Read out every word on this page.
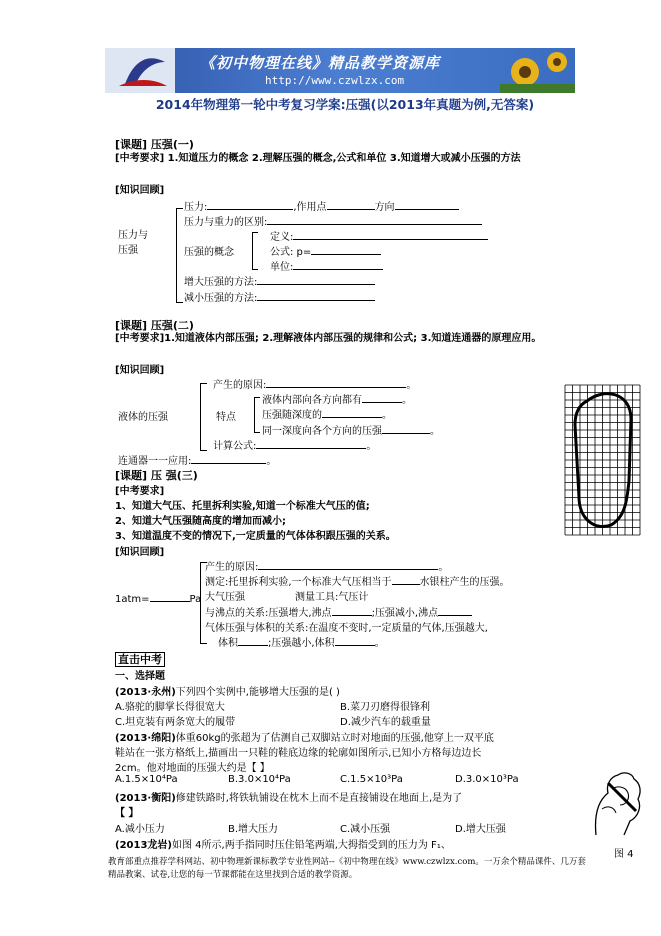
《初中物理在线》精品教学资源库
http://www.czwlzx.com
2014年物理第一轮中考复习学案:压强(以2013年真题为例,无答案)
[课题] 压强(一)
[中考要求] 1.知道压力的概念 2.理解压强的概念,公式和单位 3.知道增大或减小压强的方法
[知识回顾]
压力与
压强
压力:	,作用点	方向
压力与重力的区别:
压强的概念
定义:
公式: p=
单位:
增大压强的方法:
减小压强的方法:
[课题] 压强(二)
[中考要求]1.知道液体内部压强; 2.理解液体内部压强的规律和公式; 3.知道连通器的原理应用。
[知识回顾]
液体的压强
产生的原因:	。
特点
液体内部向各方向都有	。
压强随深度的	。
同一深度向各个方向的压强	。
计算公式:	。
连通器一一应用:	。
[课题] 压 强(三)
[中考要求]
1、知道大气压、托里拆利实验,知道一个标准大气压的值;
2、知道大气压强随高度的增加而减小;
3、知道温度不变的情况下,一定质量的气体体积跟压强的关系。
[知识回顾]
1atm=	Pa
产生的原因:	。
测定:托里拆利实验,一个标准大气压相当于	水银柱产生的压强。
大气压强	测量工具:气压计
与沸点的关系:压强增大,沸点	;压强减小,沸点
气体压强与体积的关系:在温度不变时,一定质量的气体,压强越大,
体积	;压强越小,体积	。
直击中考
一、选择题
(2013·永州)下列四个实例中,能够增大压强的是( )
A.骆驼的脚掌长得很宽大	B.菜刀刃磨得很锋利
C.坦克装有两条宽大的履带	D.减少汽车的载重量
(2013·绵阳)体重60kg的张超为了估测自己双脚站立时对地面的压强,他穿上一双平底
鞋站在一张方格纸上,描画出一只鞋的鞋底边缘的轮廓如图所示,已知小方格每边边长
2cm。他对地面的压强大约是【 】
A.1.5×10⁴Pa	B.3.0×10⁴Pa	C.1.5×10³Pa	D.3.0×10³Pa
(2013·衡阳)修建铁路时,将铁轨铺设在枕木上而不是直接铺设在地面上,是为了
【 】
A.减小压力	B.增大压力	C.减小压强	D.增大压强
(2013龙岩)如图 4所示,两手指同时压住铅笔两端,大拇指受到的压力为 F₁、
图 4
教育部重点推荐学科网站、初中物理新课标教学专业性网站--《初中物理在线》www.czwlzx.com。一万余个精品课件、几万套精品教案、试卷,让您的每一节课都能在这里找到合适的教学资源。
